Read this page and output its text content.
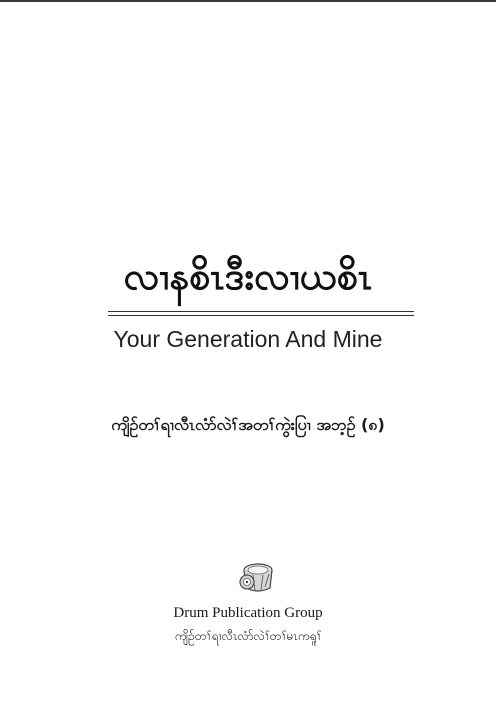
လၢနစိၤဒီးလၢယစိၤ
Your Generation And Mine
ကျိဉ်တၢ်ရၢလီၤလံာ်လဲၢ်အတၢ်ကွဲးပြၢ အဘ့ဉ် (၈)
Drum Publication Group
ကျိဉ်တၢ်ရၢလီၤလံာ်လဲၢ်တၢ်မၤကရူၢ်
